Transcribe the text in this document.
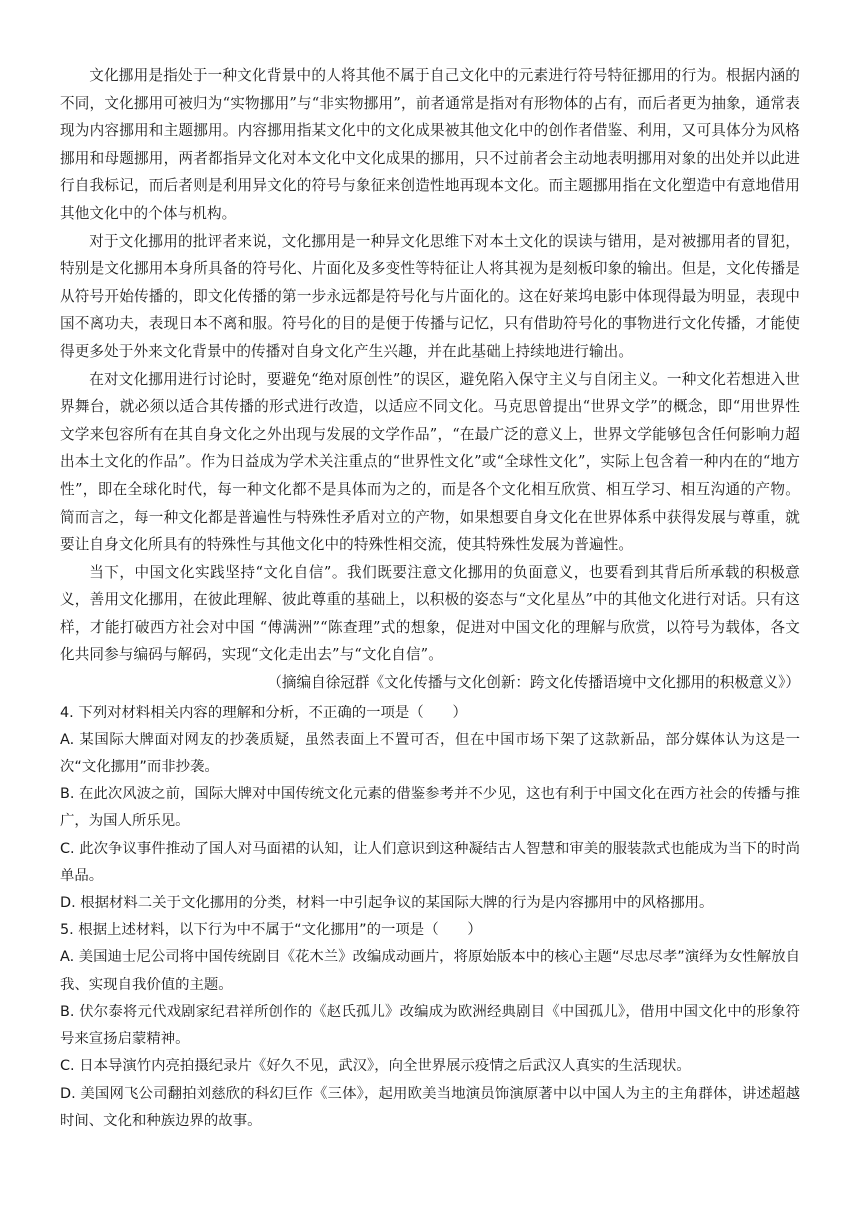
文化挪用是指处于一种文化背景中的人将其他不属于自己文化中的元素进行符号特征挪用的行为。根据内涵的不同，文化挪用可被归为“实物挪用”与“非实物挪用”，前者通常是指对有形物体的占有，而后者更为抽象，通常表现为内容挪用和主题挪用。内容挪用指某文化中的文化成果被其他文化中的创作者借鉴、利用，又可具体分为风格挪用和母题挪用，两者都指异文化对本文化中文化成果的挪用，只不过前者会主动地表明挪用对象的出处并以此进行自我标记，而后者则是利用异文化的符号与象征来创造性地再现本文化。而主题挪用指在文化塑造中有意地借用其他文化中的个体与机构。

对于文化挪用的批评者来说，文化挪用是一种异文化思维下对本土文化的误读与错用，是对被挪用者的冒犯，特别是文化挪用本身所具备的符号化、片面化及多变性等特征让人将其视为是刻板印象的输出。但是，文化传播是从符号开始传播的，即文化传播的第一步永远都是符号化与片面化的。这在好莱坞电影中体现得最为明显，表现中国不离功夫，表现日本不离和服。符号化的目的是便于传播与记忆，只有借助符号化的事物进行文化传播，才能使得更多处于外来文化背景中的传播对自身文化产生兴趣，并在此基础上持续地进行输出。

在对文化挪用进行讨论时，要避免“绝对原创性”的误区，避免陷入保守主义与自闭主义。一种文化若想进入世界舞台，就必须以适合其传播的形式进行改造，以适应不同文化。马克思曾提出“世界文学”的概念，即“用世界性文学来包容所有在其自身文化之外出现与发展的文学作品”，“在最广泛的意义上，世界文学能够包含任何影响力超出本土文化的作品”。作为日益成为学术关注重点的“世界性文化”或“全球性文化”，实际上包含着一种内在的“地方性”，即在全球化时代，每一种文化都不是具体而为之的，而是各个文化相互欣赏、相互学习、相互沟通的产物。简而言之，每一种文化都是普遍性与特殊性矛盾对立的产物，如果想要自身文化在世界体系中获得发展与尊重，就要让自身文化所具有的特殊性与其他文化中的特殊性相交流，使其特殊性发展为普遍性。

当下，中国文化实践坚持“文化自信”。我们既要注意文化挪用的负面意义，也要看到其背后所承载的积极意义，善用文化挪用，在彼此理解、彼此尊重的基础上，以积极的姿态与“文化星丛”中的其他文化进行对话。只有这样，才能打破西方社会对中国 “傅满洲”“陈查理”式的想象，促进对中国文化的理解与欣赏，以符号为载体，各文化共同参与编码与解码，实现“文化走出去”与“文化自信”。

（摘编自徐冠群《文化传播与文化创新：跨文化传播语境中文化挪用的积极意义》）

4. 下列对材料相关内容的理解和分析，不正确的一项是（　　）

A. 某国际大牌面对网友的抄袭质疑，虽然表面上不置可否，但在中国市场下架了这款新品，部分媒体认为这是一次“文化挪用”而非抄袭。

B. 在此次风波之前，国际大牌对中国传统文化元素的借鉴参考并不少见，这也有利于中国文化在西方社会的传播与推广，为国人所乐见。

C. 此次争议事件推动了国人对马面裙的认知，让人们意识到这种凝结古人智慧和审美的服装款式也能成为当下的时尚单品。

D. 根据材料二关于文化挪用的分类，材料一中引起争议的某国际大牌的行为是内容挪用中的风格挪用。

5. 根据上述材料，以下行为中不属于“文化挪用”的一项是（　　）

A. 美国迪士尼公司将中国传统剧目《花木兰》改编成动画片，将原始版本中的核心主题“尽忠尽孝”演绎为女性解放自我、实现自我价值的主题。

B. 伏尔泰将元代戏剧家纪君祥所创作的《赵氏孤儿》改编成为欧洲经典剧目《中国孤儿》，借用中国文化中的形象符号来宣扬启蒙精神。

C. 日本导演竹内亮拍摄纪录片《好久不见，武汉》，向全世界展示疫情之后武汉人真实的生活现状。

D. 美国网飞公司翻拍刘慈欣的科幻巨作《三体》，起用欧美当地演员饰演原著中以中国人为主的主角群体，讲述超越时间、文化和种族边界的故事。
